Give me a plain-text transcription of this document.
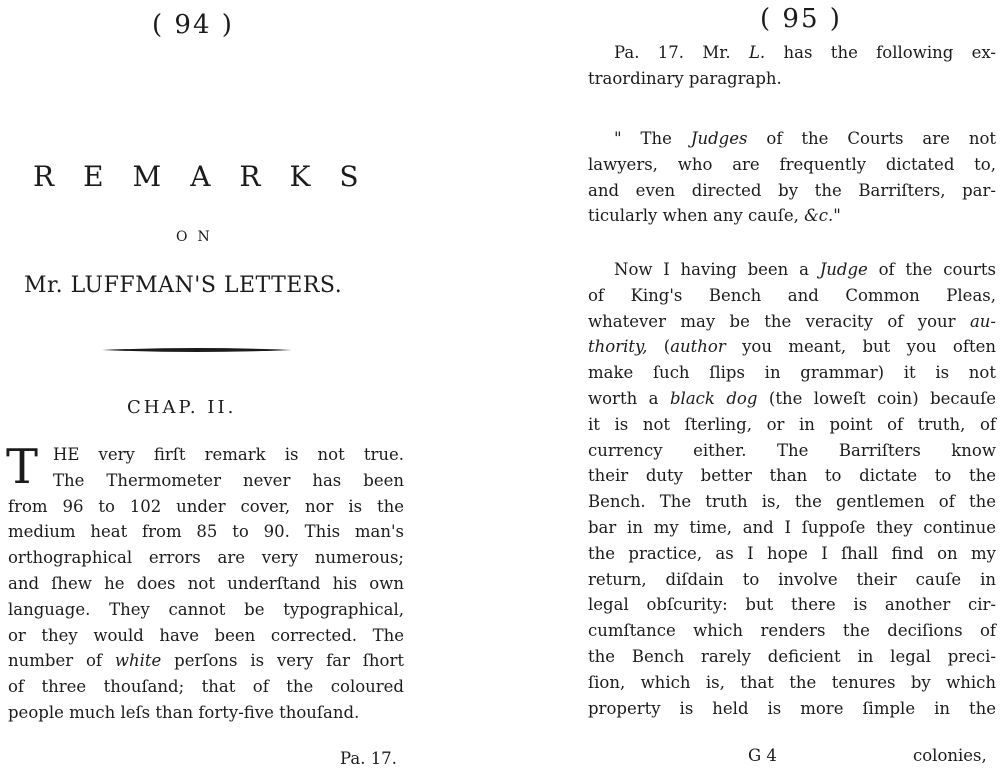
( 94 )
REMARKS
ON
Mr. LUFFMAN'S LETTERS.
CHAP. II.
T HE very firſt remark is not true.
The Thermometer never has been
from 96 to 102 under cover, nor is the
medium heat from 85 to 90. This man's
orthographical errors are very numerous;
and ſhew he does not underſtand his own
language. They cannot be typographical,
or they would have been corrected. The
number of white perſons is very far ſhort
of three thouſand; that of the coloured
people much leſs than forty-five thouſand.
Pa. 17.
( 95 )
Pa. 17. Mr. L. has the following ex-
traordinary paragraph.
" The Judges of the Courts are not
lawyers, who are frequently dictated to,
and even directed by the Barriſters, par-
ticularly when any cauſe, &c."
Now I having been a Judge of the courts
of King's Bench and Common Pleas,
whatever may be the veracity of your au-
thority, (author you meant, but you often
make ſuch ſlips in grammar) it is not
worth a black dog (the loweſt coin) becauſe
it is not ſterling, or in point of truth, of
currency either. The Barriſters know
their duty better than to dictate to the
Bench. The truth is, the gentlemen of the
bar in my time, and I ſuppoſe they continue
the practice, as I hope I ſhall find on my
return, diſdain to involve their cauſe in
legal obſcurity: but there is another cir-
cumſtance which renders the deciſions of
the Bench rarely deficient in legal preci-
ſion, which is, that the tenures by which
property is held is more ſimple in the
G 4	colonies,
